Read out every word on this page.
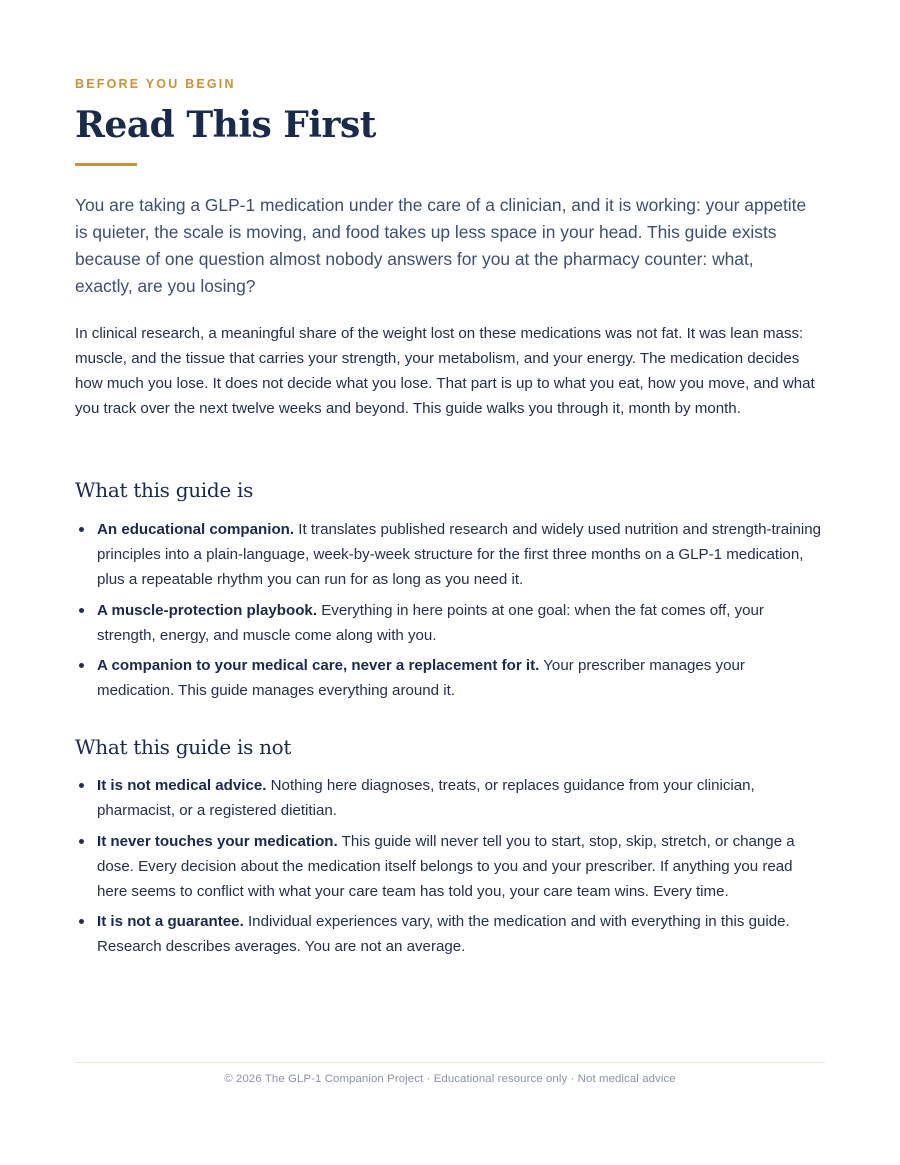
BEFORE YOU BEGIN
Read This First

You are taking a GLP-1 medication under the care of a clinician, and it is working: your appetite is quieter, the scale is moving, and food takes up less space in your head. This guide exists because of one question almost nobody answers for you at the pharmacy counter: what, exactly, are you losing?

In clinical research, a meaningful share of the weight lost on these medications was not fat. It was lean mass: muscle, and the tissue that carries your strength, your metabolism, and your energy. The medication decides how much you lose. It does not decide what you lose. That part is up to what you eat, how you move, and what you track over the next twelve weeks and beyond. This guide walks you through it, month by month.

What this guide is
An educational companion. It translates published research and widely used nutrition and strength-training principles into a plain-language, week-by-week structure for the first three months on a GLP-1 medication, plus a repeatable rhythm you can run for as long as you need it.
A muscle-protection playbook. Everything in here points at one goal: when the fat comes off, your strength, energy, and muscle come along with you.
A companion to your medical care, never a replacement for it. Your prescriber manages your medication. This guide manages everything around it.
What this guide is not
It is not medical advice. Nothing here diagnoses, treats, or replaces guidance from your clinician, pharmacist, or a registered dietitian.
It never touches your medication. This guide will never tell you to start, stop, skip, stretch, or change a dose. Every decision about the medication itself belongs to you and your prescriber. If anything you read here seems to conflict with what your care team has told you, your care team wins. Every time.
It is not a guarantee. Individual experiences vary, with the medication and with everything in this guide. Research describes averages. You are not an average.
© 2026 The GLP-1 Companion Project · Educational resource only · Not medical advice
